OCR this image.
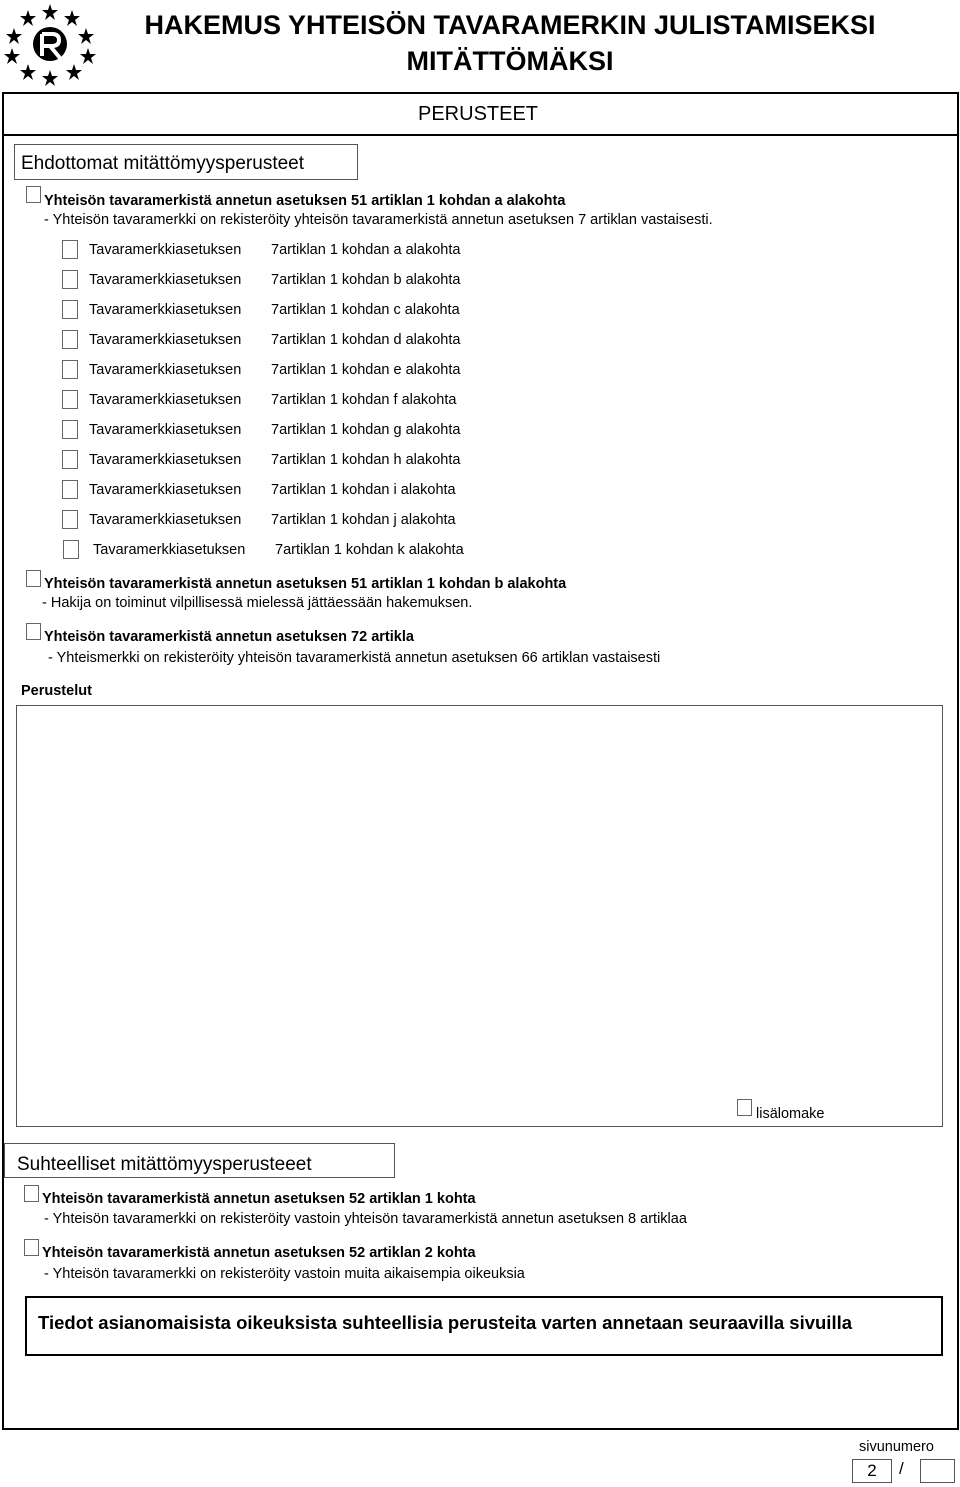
HAKEMUS YHTEISÖN TAVARAMERKIN JULISTAMISEKSI
MITÄTTÖMÄKSI
PERUSTEET
Ehdottomat mitättömyysperusteet
Yhteisön tavaramerkistä annetun asetuksen 51 artiklan 1 kohdan a alakohta
- Yhteisön tavaramerkki on rekisteröity yhteisön tavaramerkistä annetun asetuksen 7 artiklan vastaisesti.
Tavaramerkkiasetuksen 7artiklan 1 kohdan a alakohta
Tavaramerkkiasetuksen 7artiklan 1 kohdan b alakohta
Tavaramerkkiasetuksen 7artiklan 1 kohdan c alakohta
Tavaramerkkiasetuksen 7artiklan 1 kohdan d alakohta
Tavaramerkkiasetuksen 7artiklan 1 kohdan e alakohta
Tavaramerkkiasetuksen 7artiklan 1 kohdan f alakohta
Tavaramerkkiasetuksen 7artiklan 1 kohdan g alakohta
Tavaramerkkiasetuksen 7artiklan 1 kohdan h alakohta
Tavaramerkkiasetuksen 7artiklan 1 kohdan i alakohta
Tavaramerkkiasetuksen 7artiklan 1 kohdan j alakohta
Tavaramerkkiasetuksen 7artiklan 1 kohdan k alakohta
Yhteisön tavaramerkistä annetun asetuksen 51 artiklan 1 kohdan b alakohta
- Hakija on toiminut vilpillisessä mielessä jättäessään hakemuksen.
Yhteisön tavaramerkistä annetun asetuksen 72 artikla
- Yhteismerkki on rekisteröity yhteisön tavaramerkistä annetun asetuksen 66 artiklan vastaisesti
Perustelut
lisälomake
Suhteelliset mitättömyysperusteeet
Yhteisön tavaramerkistä annetun asetuksen 52 artiklan 1 kohta
- Yhteisön tavaramerkki on rekisteröity vastoin yhteisön tavaramerkistä annetun asetuksen 8 artiklaa
Yhteisön tavaramerkistä annetun asetuksen 52 artiklan 2 kohta
- Yhteisön tavaramerkki on rekisteröity vastoin muita aikaisempia oikeuksia
Tiedot asianomaisista oikeuksista suhteellisia perusteita varten annetaan seuraavilla sivuilla
sivunumero
2	/
